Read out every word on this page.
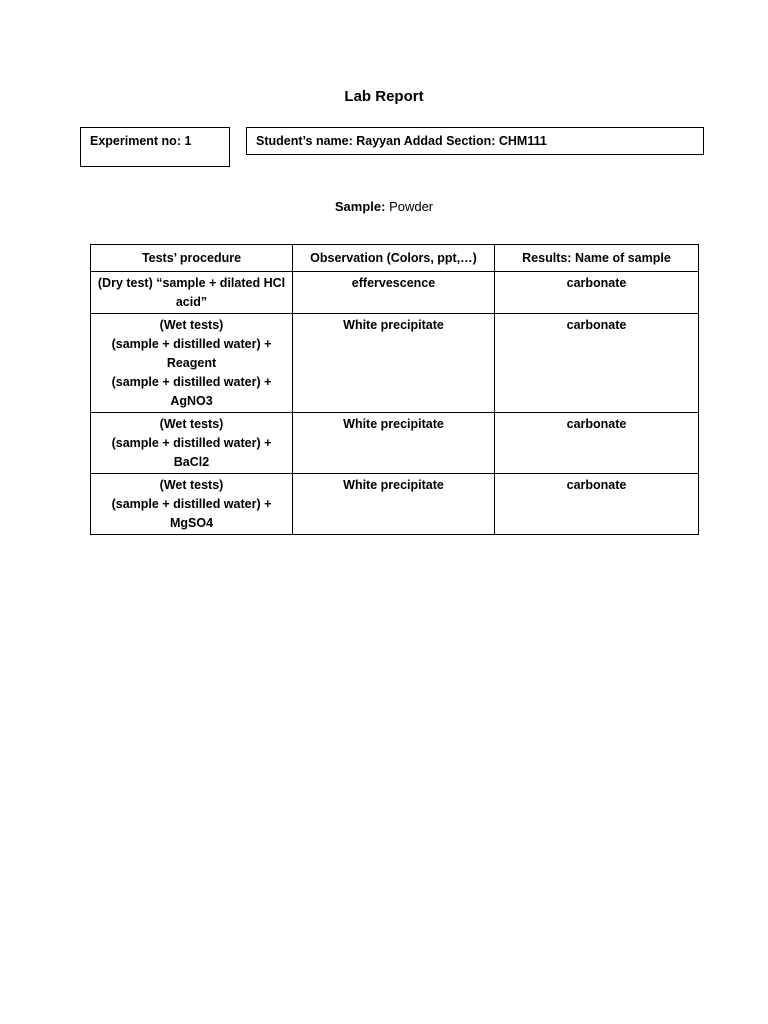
Lab Report
Experiment no: 1	Student’s name: Rayyan Addad Section: CHM111
Sample: Powder
Tests’ procedure	Observation (Colors, ppt,…)	Results: Name of sample

(Dry test) “sample + dilated HCl acid”	effervescence	carbonate

(Wet tests)
(sample + distilled water) + Reagent
(sample + distilled water) + AgNO3	White precipitate	carbonate

(Wet tests)
(sample + distilled water) + BaCl2	White precipitate	carbonate

(Wet tests)
(sample + distilled water) + MgSO4	White precipitate	carbonate
